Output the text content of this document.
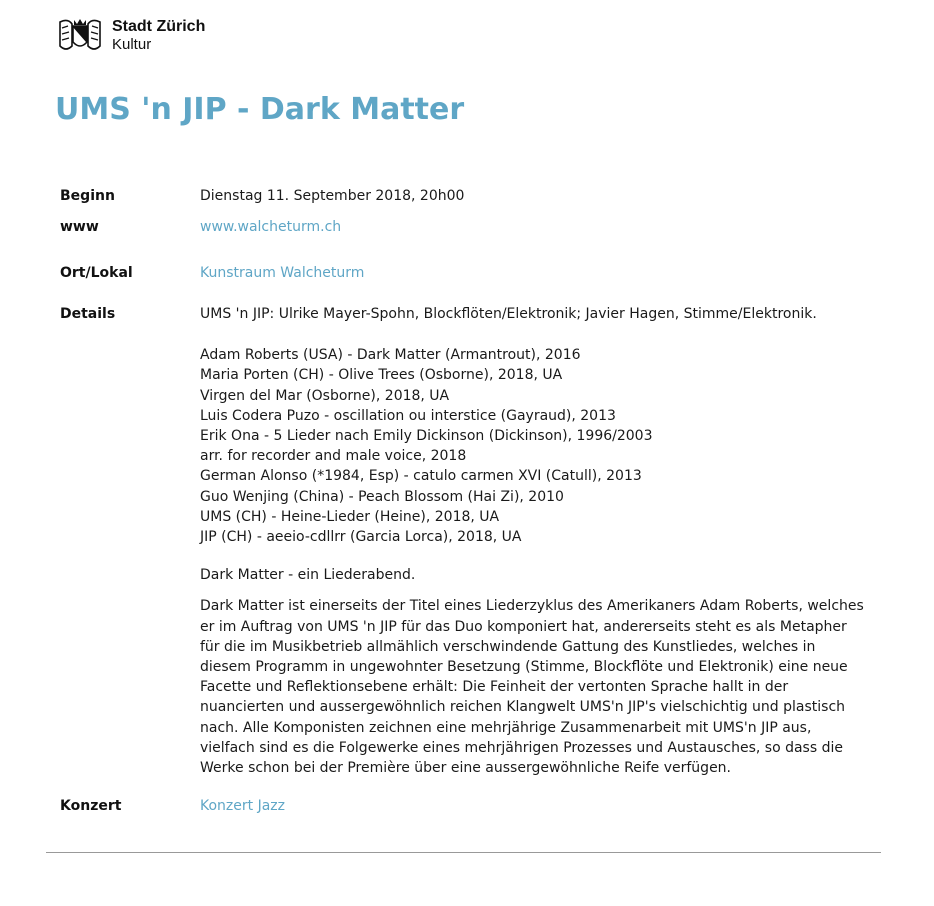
Stadt Zürich
Kultur
UMS 'n JIP - Dark Matter
Beginn	Dienstag 11. September 2018, 20h00
www	www.walcheturm.ch
Ort/Lokal	Kunstraum Walcheturm
Details	UMS 'n JIP: Ulrike Mayer-Spohn, Blockflöten/Elektronik; Javier Hagen, Stimme/Elektronik.
Adam Roberts (USA) - Dark Matter (Armantrout), 2016
Maria Porten (CH) - Olive Trees (Osborne), 2018, UA
Virgen del Mar (Osborne), 2018, UA
Luis Codera Puzo - oscillation ou interstice (Gayraud), 2013
Erik Ona - 5 Lieder nach Emily Dickinson (Dickinson), 1996/2003
arr. for recorder and male voice, 2018
German Alonso (*1984, Esp) - catulo carmen XVI (Catull), 2013
Guo Wenjing (China) - Peach Blossom (Hai Zi), 2010
UMS (CH) - Heine-Lieder (Heine), 2018, UA
JIP (CH) - aeeio-cdllrr (Garcia Lorca), 2018, UA
Dark Matter - ein Liederabend.
Dark Matter ist einerseits der Titel eines Liederzyklus des Amerikaners Adam Roberts, welches
er im Auftrag von UMS 'n JIP für das Duo komponiert hat, andererseits steht es als Metapher
für die im Musikbetrieb allmählich verschwindende Gattung des Kunstliedes, welches in
diesem Programm in ungewohnter Besetzung (Stimme, Blockflöte und Elektronik) eine neue
Facette und Reflektionsebene erhält: Die Feinheit der vertonten Sprache hallt in der
nuancierten und aussergewöhnlich reichen Klangwelt UMS'n JIP's vielschichtig und plastisch
nach. Alle Komponisten zeichnen eine mehrjährige Zusammenarbeit mit UMS'n JIP aus,
vielfach sind es die Folgewerke eines mehrjährigen Prozesses und Austausches, so dass die
Werke schon bei der Première über eine aussergewöhnliche Reife verfügen.
Konzert	Konzert Jazz
